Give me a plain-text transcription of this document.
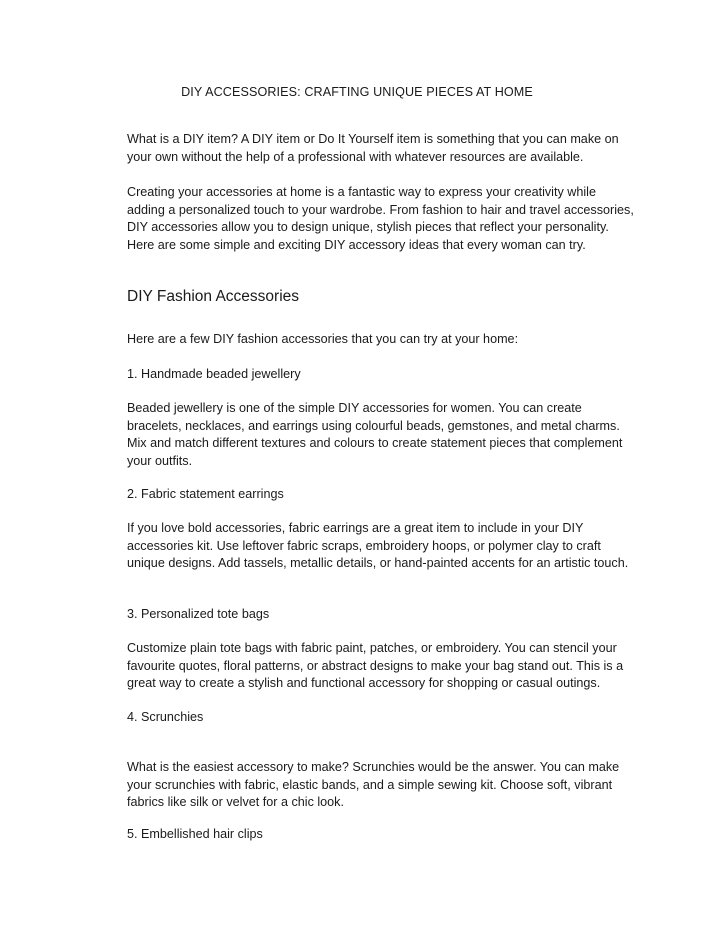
DIY ACCESSORIES: CRAFTING UNIQUE PIECES AT HOME

What is a DIY item? A DIY item or Do It Yourself item is something that you can make on your own without the help of a professional with whatever resources are available.

Creating your accessories at home is a fantastic way to express your creativity while adding a personalized touch to your wardrobe. From fashion to hair and travel accessories, DIY accessories allow you to design unique, stylish pieces that reflect your personality. Here are some simple and exciting DIY accessory ideas that every woman can try.

DIY Fashion Accessories

Here are a few DIY fashion accessories that you can try at your home:

1. Handmade beaded jewellery

Beaded jewellery is one of the simple DIY accessories for women. You can create bracelets, necklaces, and earrings using colourful beads, gemstones, and metal charms. Mix and match different textures and colours to create statement pieces that complement your outfits.

2. Fabric statement earrings

If you love bold accessories, fabric earrings are a great item to include in your DIY accessories kit. Use leftover fabric scraps, embroidery hoops, or polymer clay to craft unique designs. Add tassels, metallic details, or hand-painted accents for an artistic touch.

3. Personalized tote bags

Customize plain tote bags with fabric paint, patches, or embroidery. You can stencil your favourite quotes, floral patterns, or abstract designs to make your bag stand out. This is a great way to create a stylish and functional accessory for shopping or casual outings.

4. Scrunchies

What is the easiest accessory to make? Scrunchies would be the answer. You can make your scrunchies with fabric, elastic bands, and a simple sewing kit. Choose soft, vibrant fabrics like silk or velvet for a chic look.

5. Embellished hair clips
